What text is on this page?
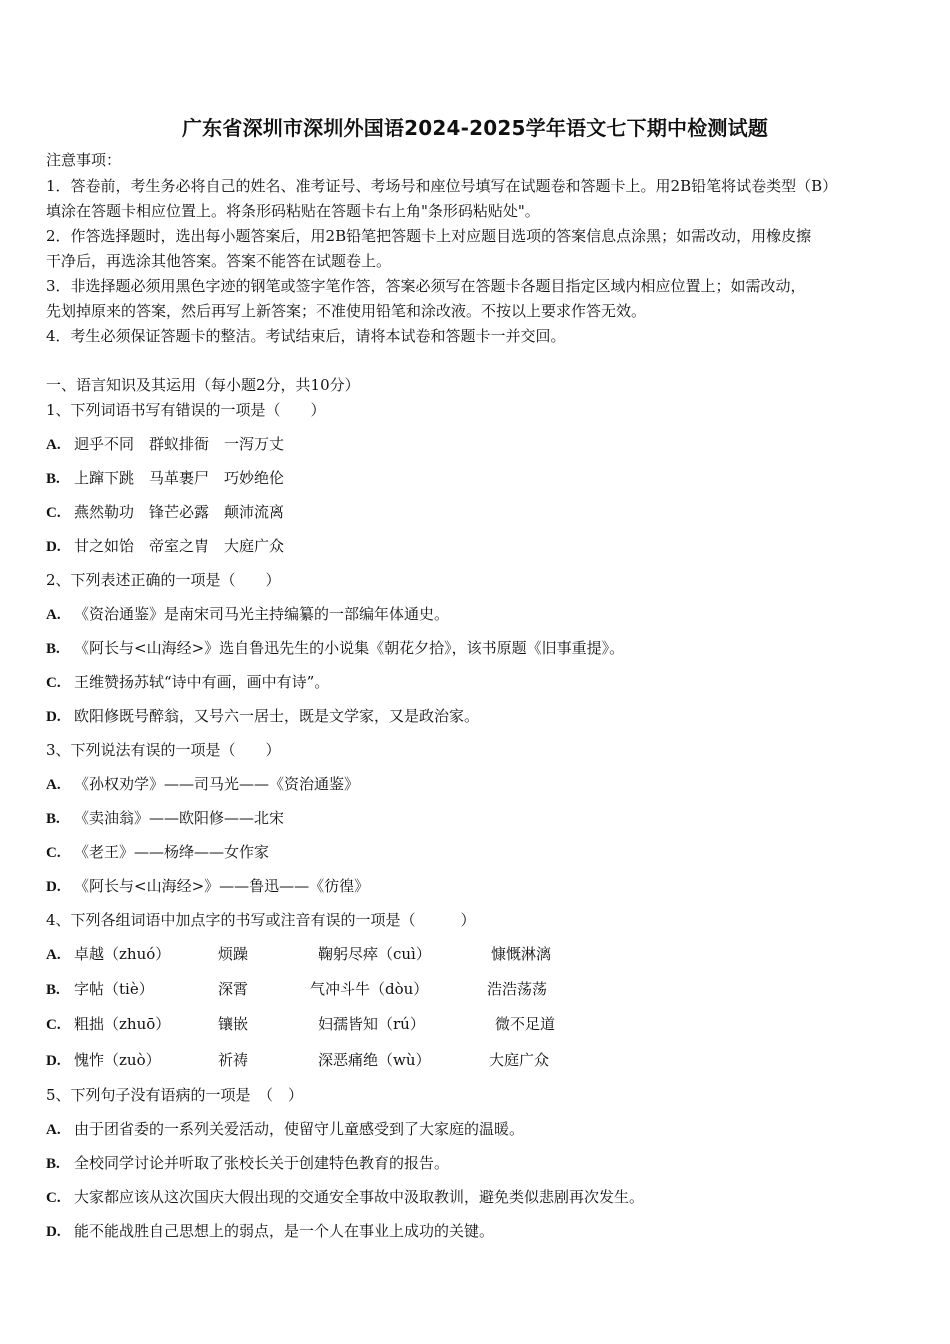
广东省深圳市深圳外国语2024-2025学年语文七下期中检测试题
注意事项：
1．答卷前，考生务必将自己的姓名、准考证号、考场号和座位号填写在试题卷和答题卡上。用2B铅笔将试卷类型（B）
填涂在答题卡相应位置上。将条形码粘贴在答题卡右上角"条形码粘贴处"。
2．作答选择题时，选出每小题答案后，用2B铅笔把答题卡上对应题目选项的答案信息点涂黑；如需改动，用橡皮擦
干净后，再选涂其他答案。答案不能答在试题卷上。
3．非选择题必须用黑色字迹的钢笔或签字笔作答，答案必须写在答题卡各题目指定区域内相应位置上；如需改动，
先划掉原来的答案，然后再写上新答案；不准使用铅笔和涂改液。不按以上要求作答无效。
4．考生必须保证答题卡的整洁。考试结束后，请将本试卷和答题卡一并交回。
一、语言知识及其运用（每小题2分，共10分）
1、下列词语书写有错误的一项是（　　）
A. 迥乎不同　群蚁排衙　一泻万丈
B. 上蹿下跳　马革裹尸　巧妙绝伦
C. 燕然勒功　锋芒必露　颠沛流离
D. 甘之如饴　帝室之胄　大庭广众
2、下列表述正确的一项是（　　）
A. 《资治通鉴》是南宋司马光主持编纂的一部编年体通史。
B. 《阿长与<山海经>》选自鲁迅先生的小说集《朝花夕拾》，该书原题《旧事重提》。
C. 王维赞扬苏轼“诗中有画，画中有诗”。
D. 欧阳修既号醉翁，又号六一居士，既是文学家，又是政治家。
3、下列说法有误的一项是（　　）
A. 《孙权劝学》——司马光——《资治通鉴》
B. 《卖油翁》——欧阳修——北宋
C. 《老王》——杨绛——女作家
D. 《阿长与<山海经>》——鲁迅——《彷徨》
4、下列各组词语中加点字的书写或注音有误的一项是（　　　）
A. 卓越（zhuó）	烦躁	鞠躬尽瘁（cuì）	慷慨淋漓
B. 字帖（tiè）	深霄	气冲斗牛（dòu）	浩浩荡荡
C. 粗拙（zhuō）	镶嵌	妇孺皆知（rú）	微不足道
D. 愧怍（zuò）	祈祷	深恶痛绝（wù）	大庭广众
5、下列句子没有语病的一项是　（　）
A. 由于团省委的一系列关爱活动，使留守儿童感受到了大家庭的温暖。
B. 全校同学讨论并听取了张校长关于创建特色教育的报告。
C. 大家都应该从这次国庆大假出现的交通安全事故中汲取教训，避免类似悲剧再次发生。
D. 能不能战胜自己思想上的弱点，是一个人在事业上成功的关键。
